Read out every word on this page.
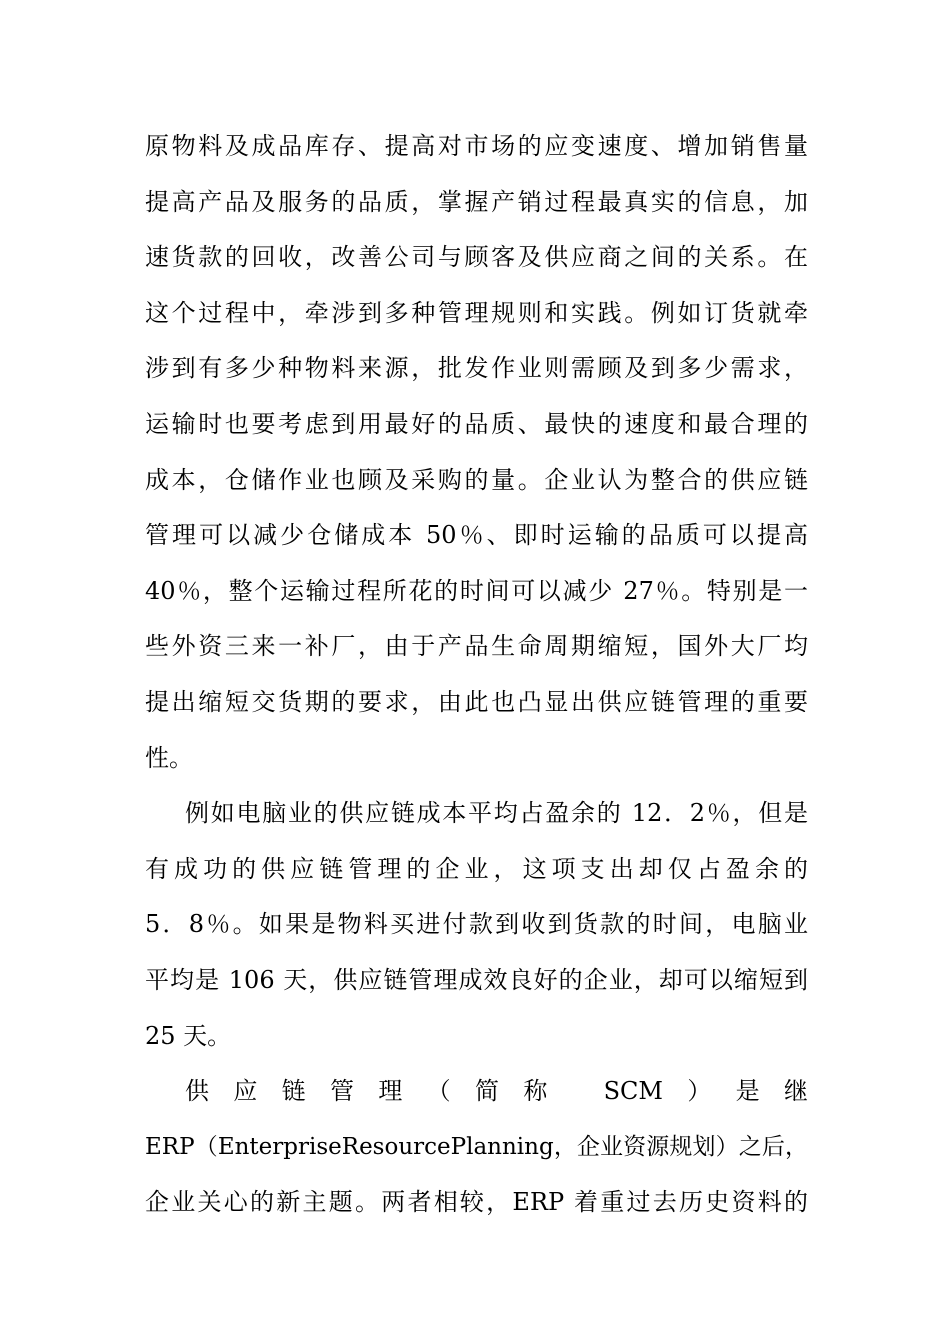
原物料及成品库存、提高对市场的应变速度、增加销售量
提高产品及服务的品质，掌握产销过程最真实的信息，加
速货款的回收，改善公司与顾客及供应商之间的关系。在
这个过程中，牵涉到多种管理规则和实践。例如订货就牵
涉到有多少种物料来源，批发作业则需顾及到多少需求，
运输时也要考虑到用最好的品质、最快的速度和最合理的
成本，仓储作业也顾及采购的量。企业认为整合的供应链
管理可以减少仓储成本 50％、即时运输的品质可以提高
40％，整个运输过程所花的时间可以减少 27％。特别是一
些外资三来一补厂，由于产品生命周期缩短，国外大厂均
提出缩短交货期的要求，由此也凸显出供应链管理的重要
性。
例如电脑业的供应链成本平均占盈余的 12．2％，但是
有成功的供应链管理的企业，这项支出却仅占盈余的
5．8％。如果是物料买进付款到收到货款的时间，电脑业
平均是 106 天，供应链管理成效良好的企业，却可以缩短到
25 天。
供应链管理（简称 SCM）是继
ERP（EnterpriseResourcePlanning，企业资源规划）之后，
企业关心的新主题。两者相较，ERP 着重过去历史资料的
